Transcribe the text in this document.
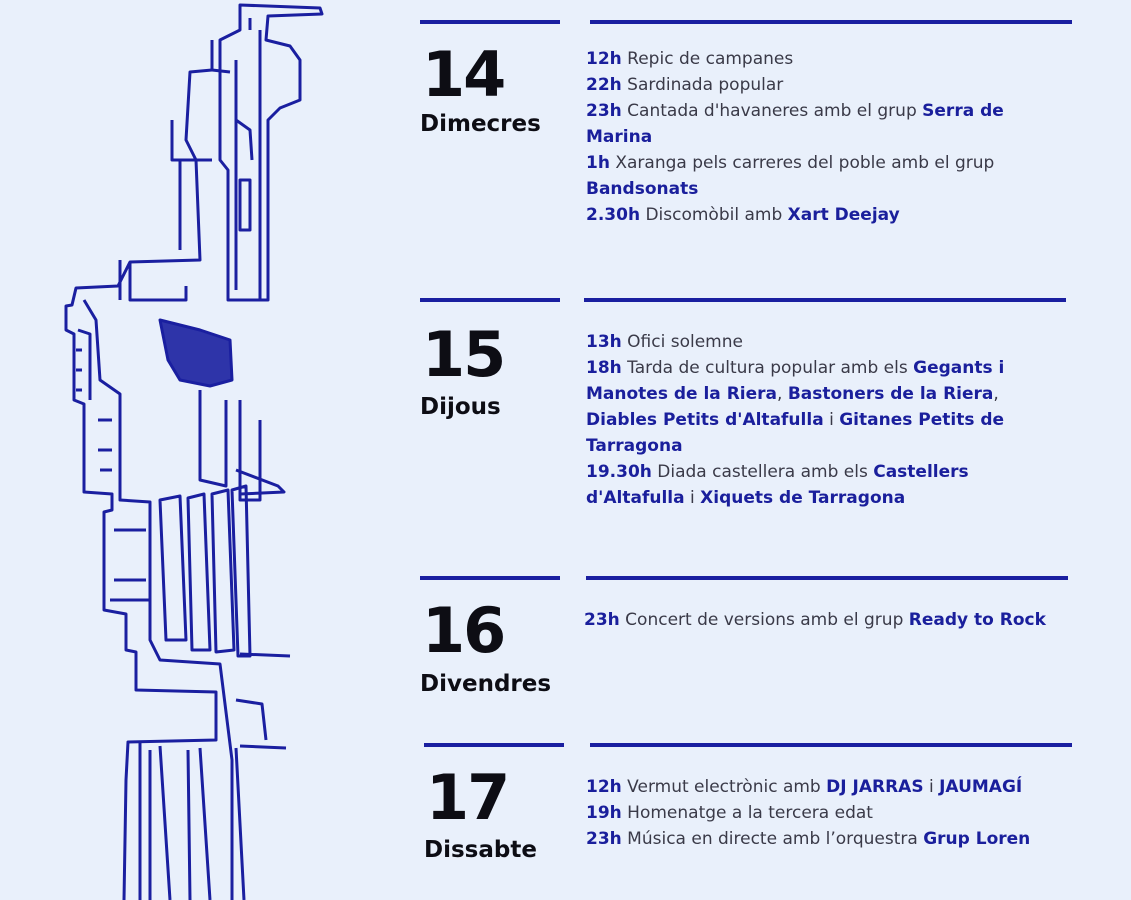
14
Dimecres

12h Repic de campanes

22h Sardinada popular

23h Cantada d'havaneres amb el grup Serra de Marina

1h Xaranga pels carreres del poble amb el grup Bandsonats

2.30h Discomòbil amb Xart Deejay

15
Dijous

13h Ofici solemne

18h Tarda de cultura popular amb els Gegants i Manotes de la Riera, Bastoners de la Riera, Diables Petits d'Altafulla i Gitanes Petits de Tarragona

19.30h Diada castellera amb els Castellers d'Altafulla i Xiquets de Tarragona

16
Divendres

23h Concert de versions amb el grup Ready to Rock

17
Dissabte

12h Vermut electrònic amb DJ JARRAS i JAUMAGÍ

19h Homenatge a la tercera edat

23h Música en directe amb l’orquestra Grup Loren
